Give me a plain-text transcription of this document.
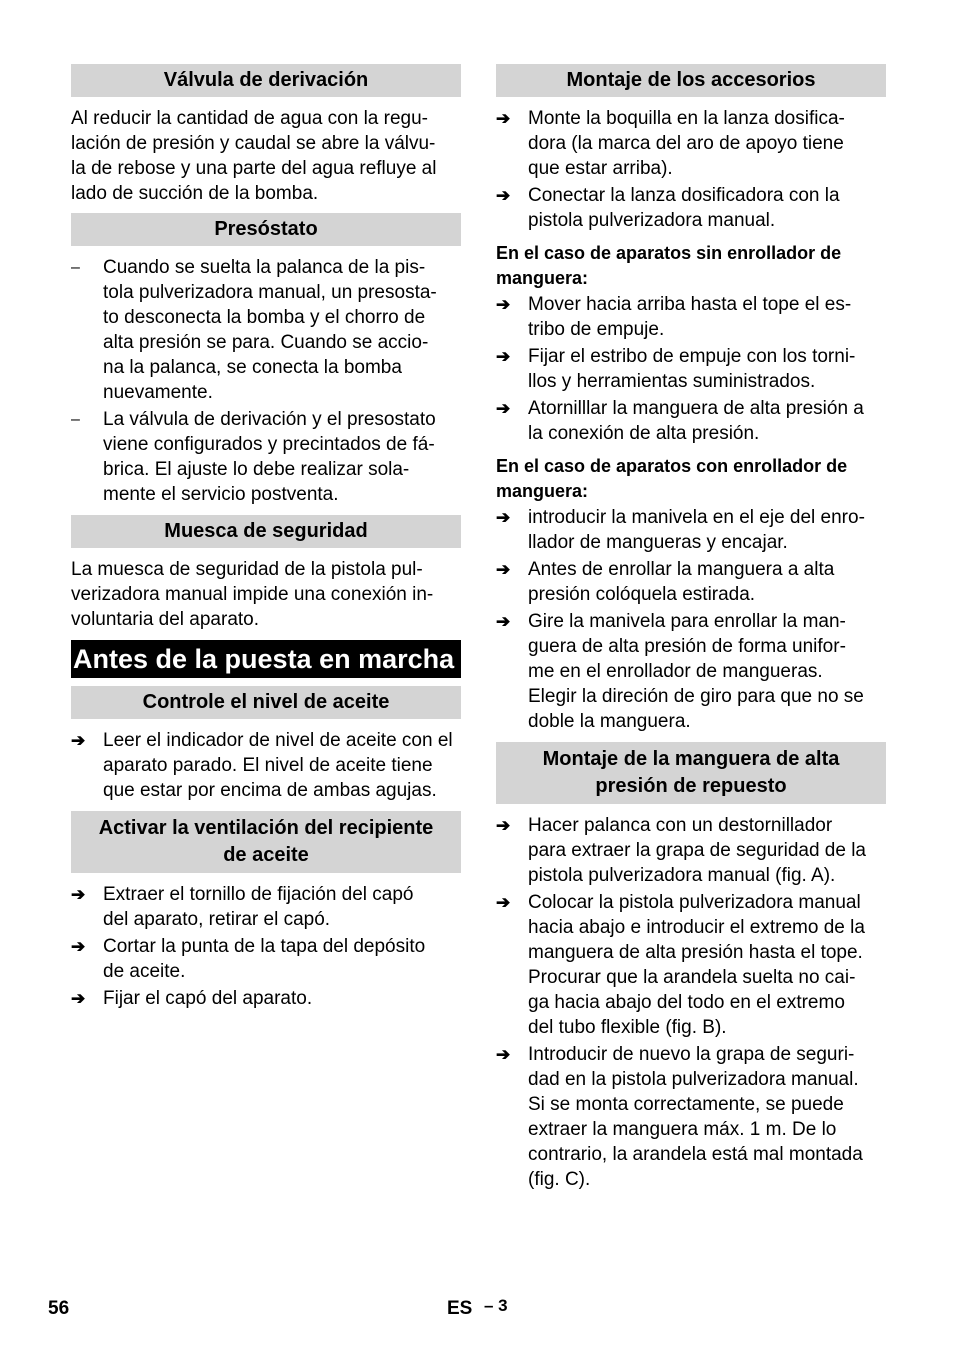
Válvula de derivación

Al reducir la cantidad de agua con la regu-
lación de presión y caudal se abre la válvu-
la de rebose y una parte del agua refluye al
lado de succión de la bomba.

Presóstato
–	Cuando se suelta la palanca de la pis-
tola pulverizadora manual, un presosta-
to desconecta la bomba y el chorro de
alta presión se para. Cuando se accio-
na la palanca, se conecta la bomba
nuevamente.
–	La válvula de derivación y el presostato
viene configurados y precintados de fá-
brica. El ajuste lo debe realizar sola-
mente el servicio postventa.
Muesca de seguridad

La muesca de seguridad de la pistola pul-
verizadora manual impide una conexión in-
voluntaria del aparato.

Antes de la puesta en marcha
Controle el nivel de aceite
➔ Leer el indicador de nivel de aceite con el
aparato parado. El nivel de aceite tiene
que estar por encima de ambas agujas.
Activar la ventilación del recipiente
de aceite
➔ Extraer el tornillo de fijación del capó
del aparato, retirar el capó.
➔ Cortar la punta de la tapa del depósito
de aceite.
➔ Fijar el capó del aparato.
Montaje de los accesorios
➔ Monte la boquilla en la lanza dosifica-
dora (la marca del aro de apoyo tiene
que estar arriba).
➔ Conectar la lanza dosificadora con la
pistola pulverizadora manual.
En el caso de aparatos sin enrollador de
manguera:
➔ Mover hacia arriba hasta el tope el es-
tribo de empuje.
➔ Fijar el estribo de empuje con los torni-
llos y herramientas suministrados.
➔ Atornilllar la manguera de alta presión a
la conexión de alta presión.
En el caso de aparatos con enrollador de
manguera:
➔ introducir la manivela en el eje del enro-
llador de mangueras y encajar.
➔ Antes de enrollar la manguera a alta
presión colóquela estirada.
➔ Gire la manivela para enrollar la man-
guera de alta presión de forma unifor-
me en el enrollador de mangueras.
Elegir la direción de giro para que no se
doble la manguera.
Montaje de la manguera de alta
presión de repuesto
➔ Hacer palanca con un destornillador
para extraer la grapa de seguridad de la
pistola pulverizadora manual (fig. A).
➔ Colocar la pistola pulverizadora manual
hacia abajo e introducir el extremo de la
manguera de alta presión hasta el tope.
Procurar que la arandela suelta no cai-
ga hacia abajo del todo en el extremo
del tubo flexible (fig. B).
➔ Introducir de nuevo la grapa de seguri-
dad en la pistola pulverizadora manual.
Si se monta correctamente, se puede
extraer la manguera máx. 1 m. De lo
contrario, la arandela está mal montada
(fig. C).
56	ES – 3
